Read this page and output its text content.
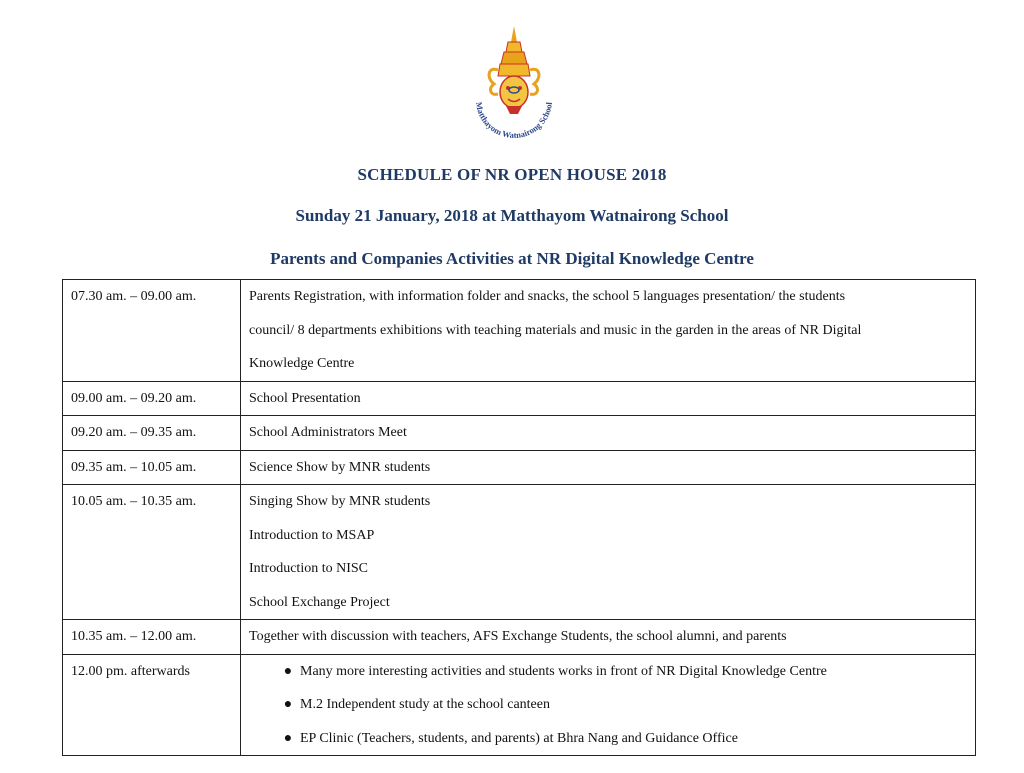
Matthayom Watnairong School
SCHEDULE OF NR OPEN HOUSE 2018
Sunday 21 January, 2018 at Matthayom Watnairong School
Parents and Companies Activities at NR Digital Knowledge Centre
07.30 am. – 09.00 am.	Parents Registration, with information folder and snacks, the school 5 languages presentation/ the students
council/ 8 departments exhibitions with teaching materials and music in the garden in the areas of NR Digital
Knowledge Centre

09.00 am. – 09.20 am.	School Presentation

09.20 am. – 09.35 am.	School Administrators Meet

09.35 am. – 10.05 am.	Science Show by MNR students

10.05 am. – 10.35 am.	Singing Show by MNR students
Introduction to MSAP
Introduction to NISC
School Exchange Project

10.35 am. – 12.00 am.	Together with discussion with teachers, AFS Exchange Students, the school alumni, and parents

12.00 pm. afterwards	● Many more interesting activities and students works in front of NR Digital Knowledge Centre
● M.2 Independent study at the school canteen
● EP Clinic (Teachers, students, and parents) at Bhra Nang and Guidance Office
